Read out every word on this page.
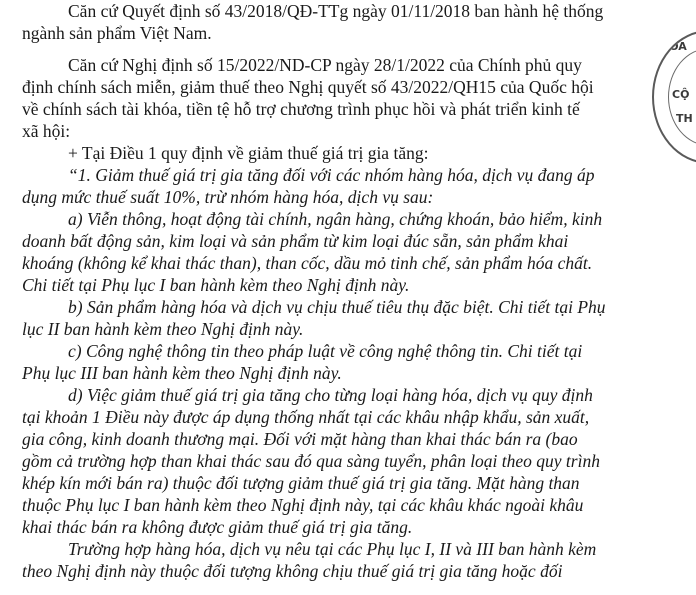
Căn cứ Quyết định số 43/2018/QĐ-TTg ngày 01/11/2018 ban hành hệ thống
ngành sản phẩm Việt Nam.
Căn cứ Nghị định số 15/2022/ND-CP ngày 28/1/2022 của Chính phủ quy
định chính sách miễn, giảm thuế theo Nghị quyết số 43/2022/QH15 của Quốc hội
về chính sách tài khóa, tiền tệ hỗ trợ chương trình phục hồi và phát triển kinh tế
xã hội:
+ Tại Điều 1 quy định về giảm thuế giá trị gia tăng:
“1. Giảm thuế giá trị gia tăng đối với các nhóm hàng hóa, dịch vụ đang áp
dụng mức thuế suất 10%, trừ nhóm hàng hóa, dịch vụ sau:
a) Viễn thông, hoạt động tài chính, ngân hàng, chứng khoán, bảo hiểm, kinh
doanh bất động sản, kim loại và sản phẩm từ kim loại đúc sẵn, sản phẩm khai
khoáng (không kể khai thác than), than cốc, dầu mỏ tinh chế, sản phẩm hóa chất.
Chi tiết tại Phụ lục I ban hành kèm theo Nghị định này.
b) Sản phẩm hàng hóa và dịch vụ chịu thuế tiêu thụ đặc biệt. Chi tiết tại Phụ
lục II ban hành kèm theo Nghị định này.
c) Công nghệ thông tin theo pháp luật về công nghệ thông tin. Chi tiết tại
Phụ lục III ban hành kèm theo Nghị định này.
d) Việc giảm thuế giá trị gia tăng cho từng loại hàng hóa, dịch vụ quy định
tại khoản 1 Điều này được áp dụng thống nhất tại các khâu nhập khẩu, sản xuất,
gia công, kinh doanh thương mại. Đối với mặt hàng than khai thác bán ra (bao
gồm cả trường hợp than khai thác sau đó qua sàng tuyển, phân loại theo quy trình
khép kín mới bán ra) thuộc đối tượng giảm thuế giá trị gia tăng. Mặt hàng than
thuộc Phụ lục I ban hành kèm theo Nghị định này, tại các khâu khác ngoài khâu
khai thác bán ra không được giảm thuế giá trị gia tăng.
Trường hợp hàng hóa, dịch vụ nêu tại các Phụ lục I, II và III ban hành kèm
theo Nghị định này thuộc đối tượng không chịu thuế giá trị gia tăng hoặc đối
HÒA
CỘ
TH
